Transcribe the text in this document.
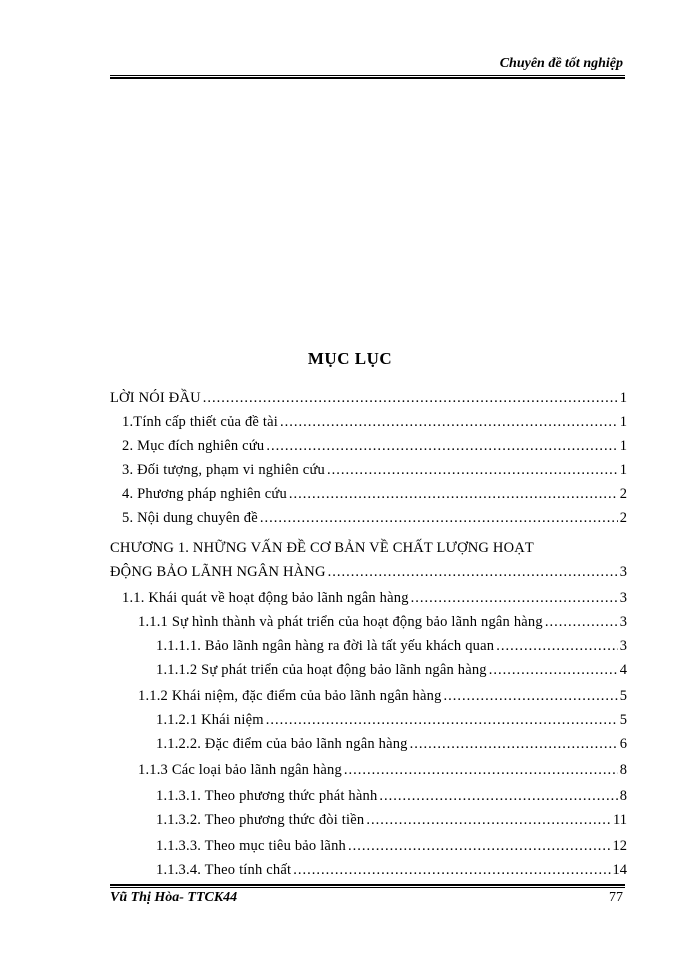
Chuyên đề tốt nghiệp
MỤC LỤC
LỜI NÓI ĐẦU .....	1
1.Tính cấp thiết của đề tài .....	1
2. Mục đích nghiên cứu .....	1
3. Đối tượng, phạm vi nghiên cứu .....	1
4. Phương pháp nghiên cứu .....	2
5. Nội dung chuyên đề .....	2
CHƯƠNG 1. NHỮNG VẤN ĐỀ CƠ BẢN VỀ CHẤT LƯỢNG HOẠT
ĐỘNG BẢO LÃNH NGÂN HÀNG .....	3
1.1. Khái quát về hoạt động bảo lãnh ngân hàng .....	3
1.1.1 Sự hình thành và phát triển của hoạt động bảo lãnh ngân hàng .....	3
1.1.1.1. Bảo lãnh ngân hàng ra đời là tất yếu khách quan .....	3
1.1.1.2 Sự phát triển của hoạt động bảo lãnh ngân hàng .....	4
1.1.2 Khái niệm, đặc điểm của bảo lãnh ngân hàng .....	5
1.1.2.1 Khái niệm .....	5
1.1.2.2. Đặc điểm của bảo lãnh ngân hàng .....	6
1.1.3 Các loại bảo lãnh ngân hàng .....	8
1.1.3.1. Theo phương thức phát hành .....	8
1.1.3.2. Theo phương thức đòi tiền .....	11
1.1.3.3. Theo mục tiêu bảo lãnh .....	12
1.1.3.4. Theo tính chất .....	14
Vũ Thị Hòa- TTCK44	77
